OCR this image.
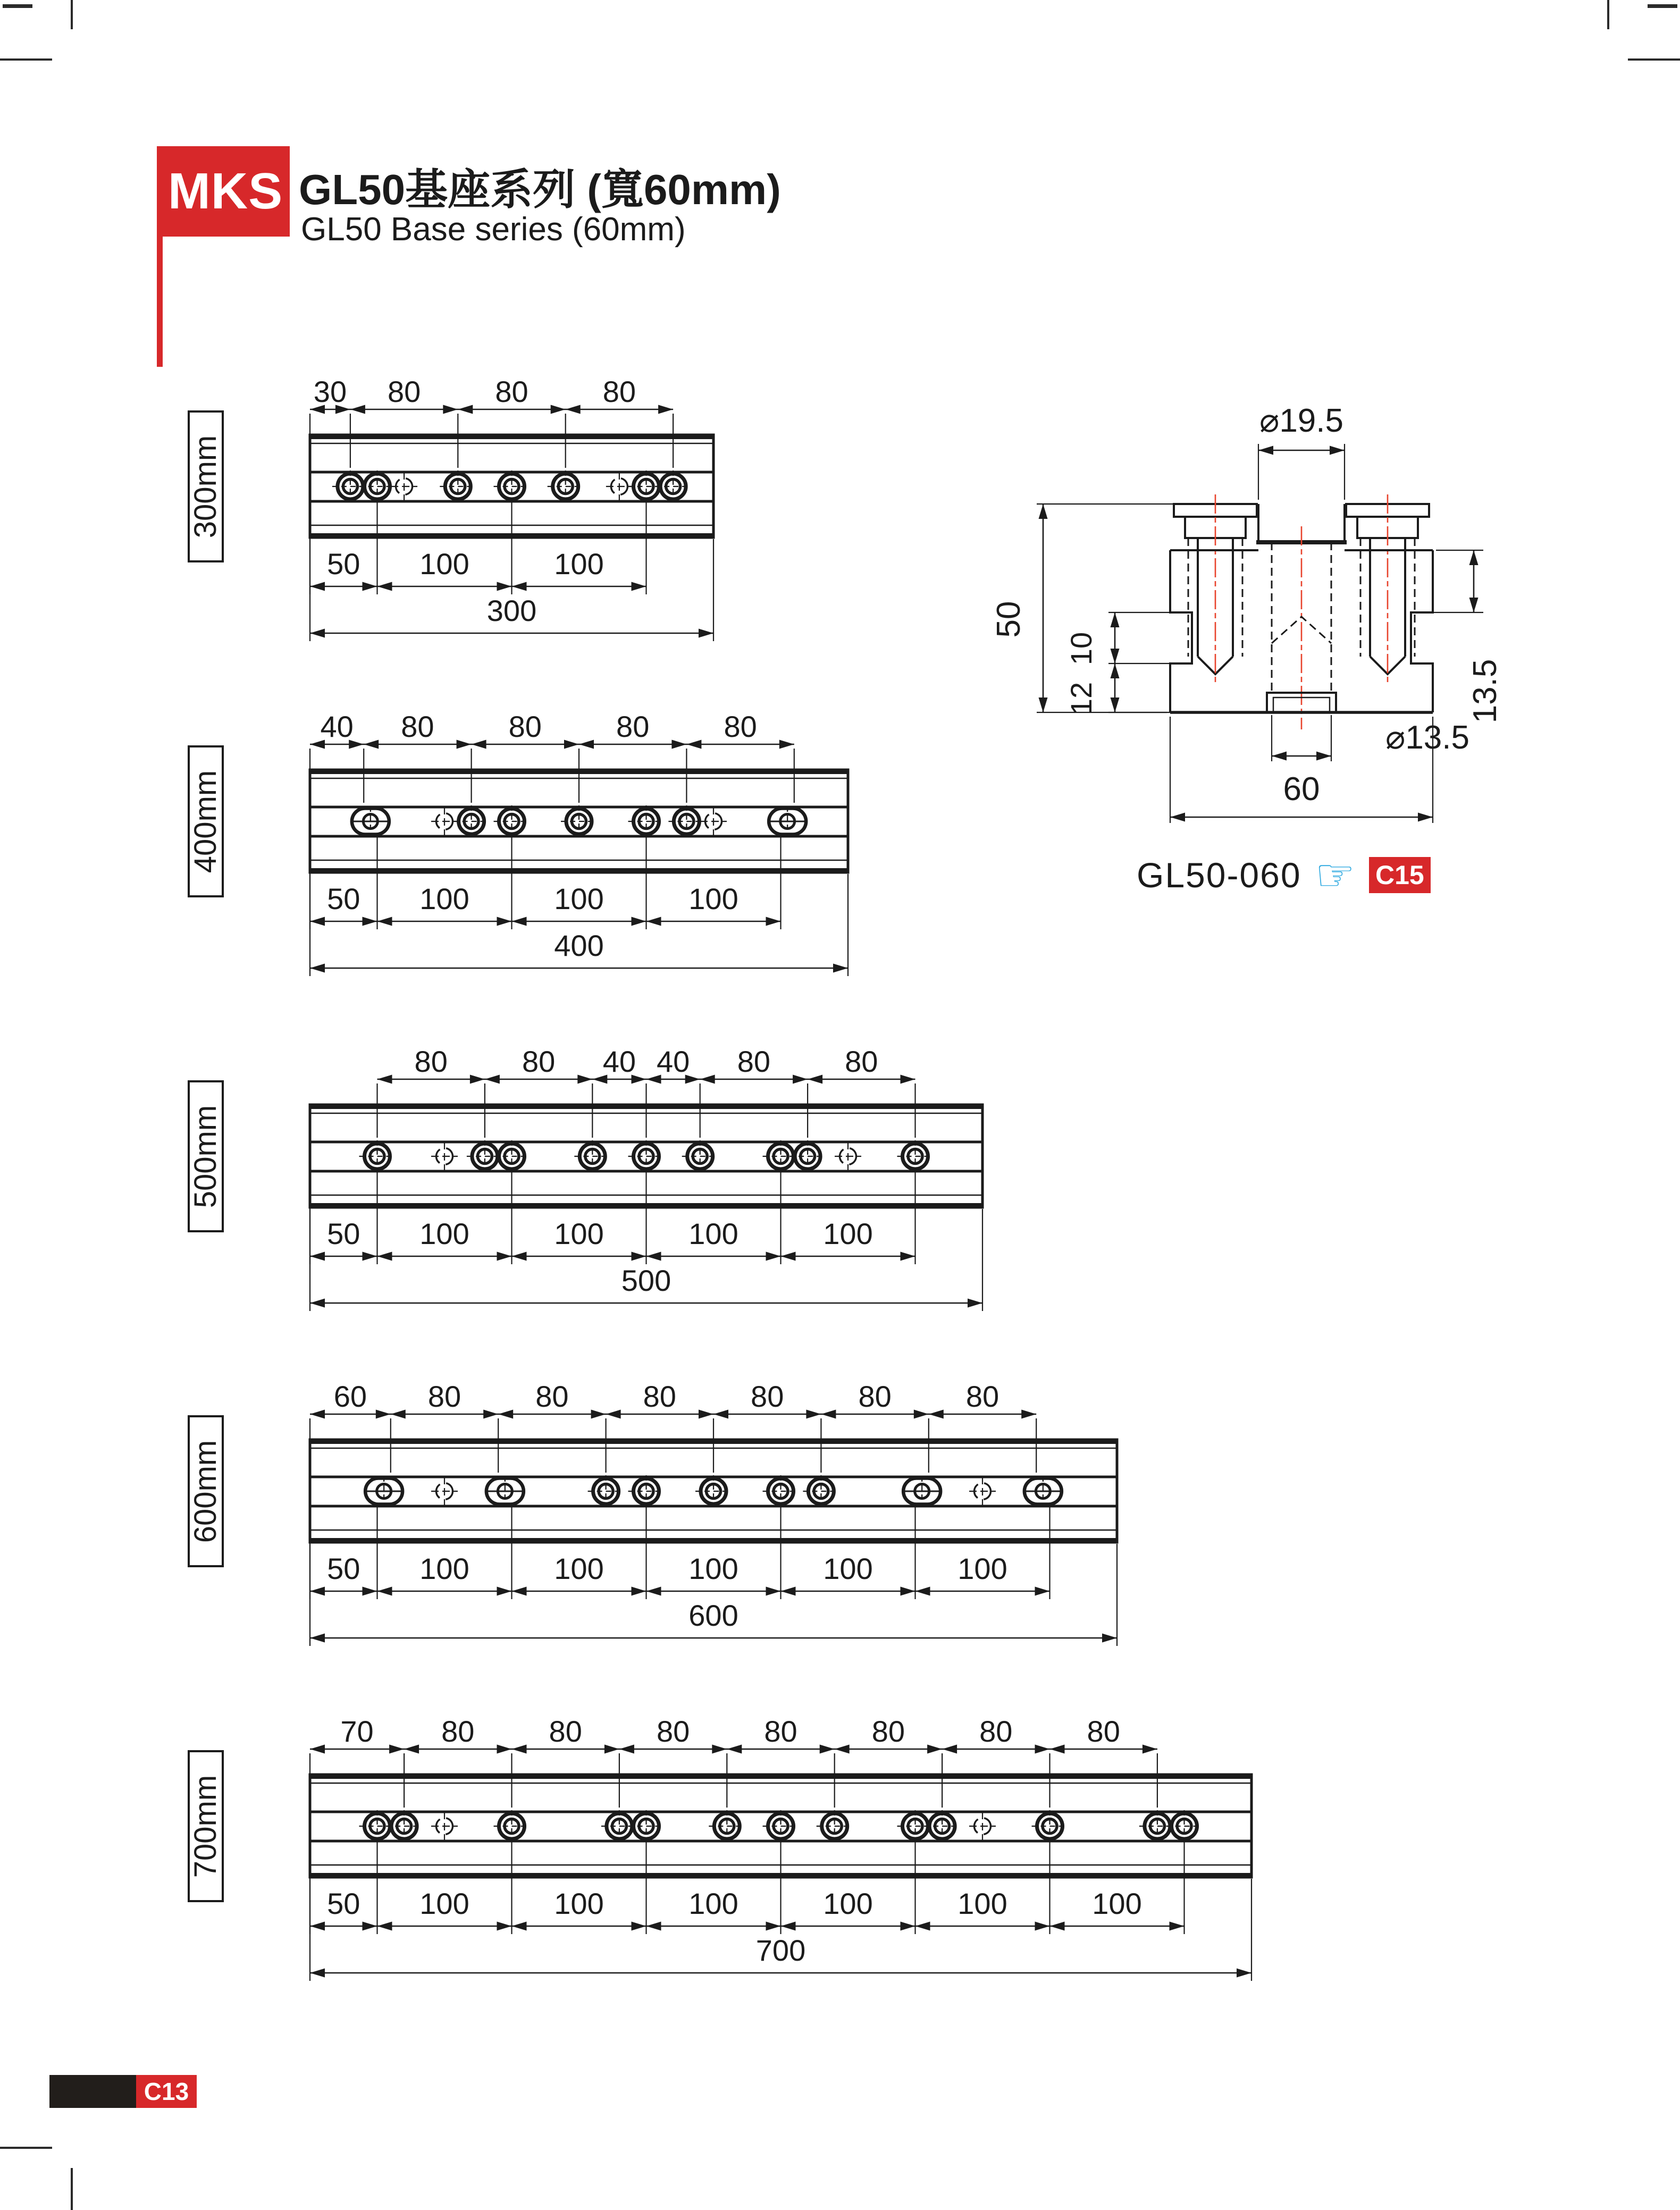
MKS GL50基座系列 (寬60mm)
GL50 Base series (60mm)
300mm
400mm
500mm
600mm
700mm
30 80	80	80
50 100	100
300
40 80	80	80	80
50 100	100	100
400
80	80 40 40 80	80
50 100	100	100	100
500
60 80	80	80	80	80	80
50 100	100	100	100	100
600
70 80	80	80	80	80	80	80
50 100	100	100	100	100	100
700
⌀19.5
50
10
12	13.5
⌀13.5
60
GL50-060 ☞ C15
C13
